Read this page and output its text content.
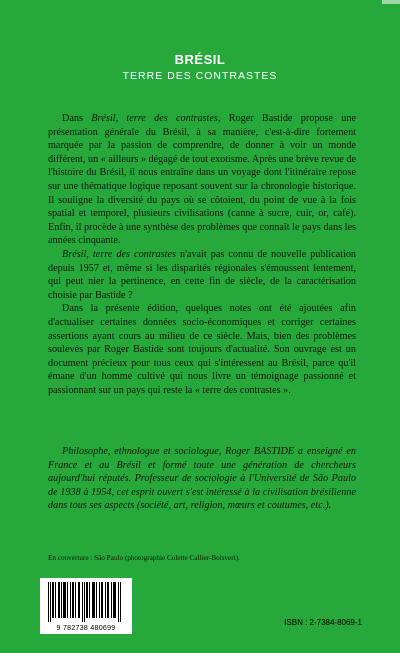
BRÉSIL
TERRE DES CONTRASTES

Dans Brésil, terre des contrastes, Roger Bastide propose une présentation générale du Brésil, à sa manière, c'est-à-dire fortement marquée par la passion de comprendre, de donner à voir un monde différent, un « ailleurs » dégagé de tout exotisme. Après une brève revue de l'histoire du Brésil, il nous entraîne dans un voyage dont l'itinéraire repose sur une thématique logique reposant souvent sur la chronologie historique. Il souligne la diversité du pays où se côtoient, du point de vue à la fois spatial et temporel, plusieurs civilisations (canne à sucre, cuir, or, café). Enfin, il procède à une synthèse des problèmes que connaît le pays dans les années cinquante.

Brésil, terre des contrastes n'avait pas connu de nouvelle publication depuis 1957 et, même si les disparités régionales s'émoussent lentement, qui peut nier la pertinence, en cette fin de siècle, de la caractérisation choisie par Bastide ?

Dans la présente édition, quelques notes ont été ajoutées afin d'actualiser certaines données socio-économiques et corriger certaines assertions ayant cours au milieu de ce siècle. Mais, bien des problèmes soulevés par Roger Bastide sont toujours d'actualité. Son ouvrage est un document précieux pour tous ceux qui s'intéressent au Brésil, parce qu'il émane d'un homme cultivé qui nous livre un témoignage passionné et passionnant sur un pays qui reste la « terre des contrastes ».

Philosophe, ethnologue et sociologue, Roger BASTIDE a enseigné en France et au Brésil et formé toute une génération de chercheurs aujourd'hui réputés. Professeur de sociologie à l'Université de São Paulo de 1938 à 1954, cet esprit ouvert s'est intéressé à la civilisation brésilienne dans tous ses aspects (société, art, religion, mœurs et coutumes, etc.).

En couverture : São Paulo (photographie Colette Callier-Boisvert).
9 782738 480699
ISBN : 2-7384-8069-1
